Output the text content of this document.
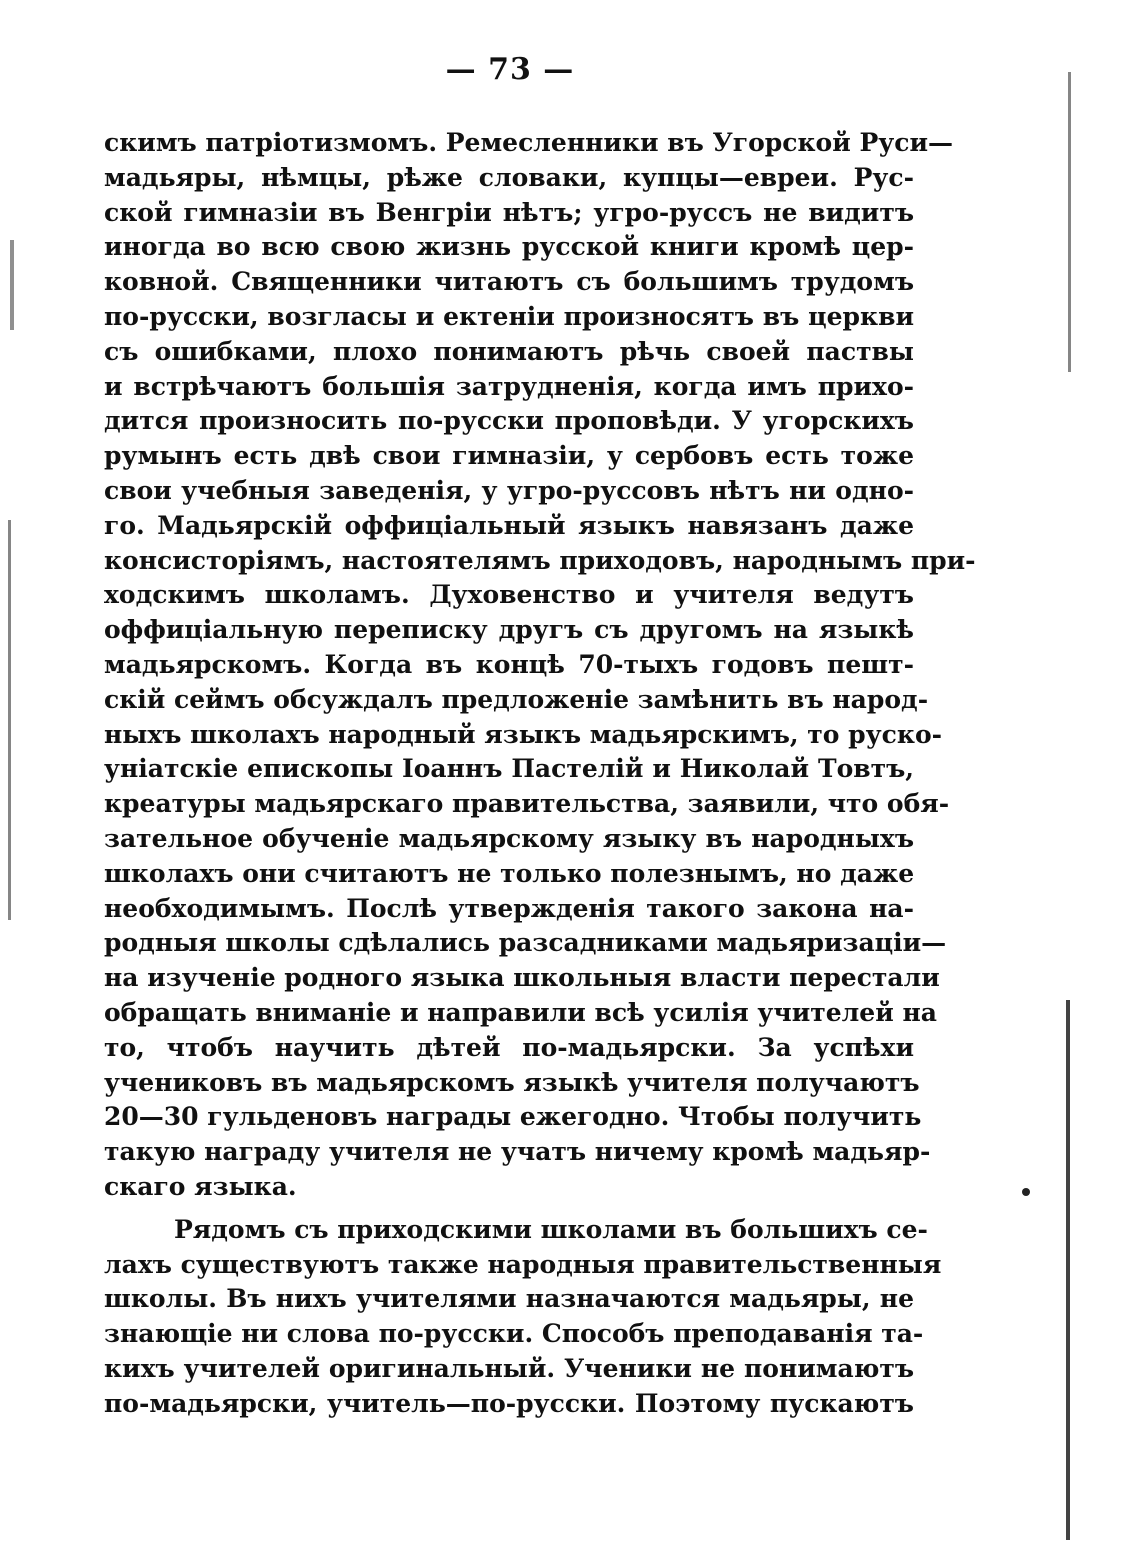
— 73 —
скимъ патріотизмомъ. Ремесленники въ Угорской Руси—
мадьяры, нѣмцы, рѣже словаки, купцы—евреи. Рус-
ской гимназіи въ Венгріи нѣтъ; угро-руссъ не видитъ
иногда во всю свою жизнь русской книги кромѣ цер-
ковной. Священники читаютъ съ большимъ трудомъ
по-русски, возгласы и ектеніи произносятъ въ церкви
съ ошибками, плохо понимаютъ рѣчь своей паствы
и встрѣчаютъ большія затрудненія, когда имъ прихо-
дится произносить по-русски проповѣди. У угорскихъ
румынъ есть двѣ свои гимназіи, у сербовъ есть тоже
свои учебныя заведенія, у угро-руссовъ нѣтъ ни одно-
го. Мадьярскій оффиціальный языкъ навязанъ даже
консисторіямъ, настоятелямъ приходовъ, народнымъ при-
ходскимъ школамъ. Духовенство и учителя ведутъ
оффиціальную переписку другъ съ другомъ на языкѣ
мадьярскомъ. Когда въ концѣ 70-тыхъ годовъ пешт-
скій сеймъ обсуждалъ предложеніе замѣнить въ народ-
ныхъ школахъ народный языкъ мадьярскимъ, то руско-
уніатскіе епископы Іоаннъ Пастелій и Николай Товтъ,
креатуры мадьярскаго правительства, заявили, что обя-
зательное обученіе мадьярскому языку въ народныхъ
школахъ они считаютъ не только полезнымъ, но даже
необходимымъ. Послѣ утвержденія такого закона на-
родныя школы сдѣлались разсадниками мадьяризаціи—
на изученіе родного языка школьныя власти перестали
обращать вниманіе и направили всѣ усилія учителей на
то, чтобъ научить дѣтей по-мадьярски. За успѣхи
учениковъ въ мадьярскомъ языкѣ учителя получаютъ
20—30 гульденовъ награды ежегодно. Чтобы получить
такую награду учителя не учатъ ничему кромѣ мадьяр-
скаго языка.
Рядомъ съ приходскими школами въ большихъ се-
лахъ существуютъ также народныя правительственныя
школы. Въ нихъ учителями назначаются мадьяры, не
знающіе ни слова по-русски. Способъ преподаванія та-
кихъ учителей оригинальный. Ученики не понимаютъ
по-мадьярски, учитель—по-русски. Поэтому пускаютъ
